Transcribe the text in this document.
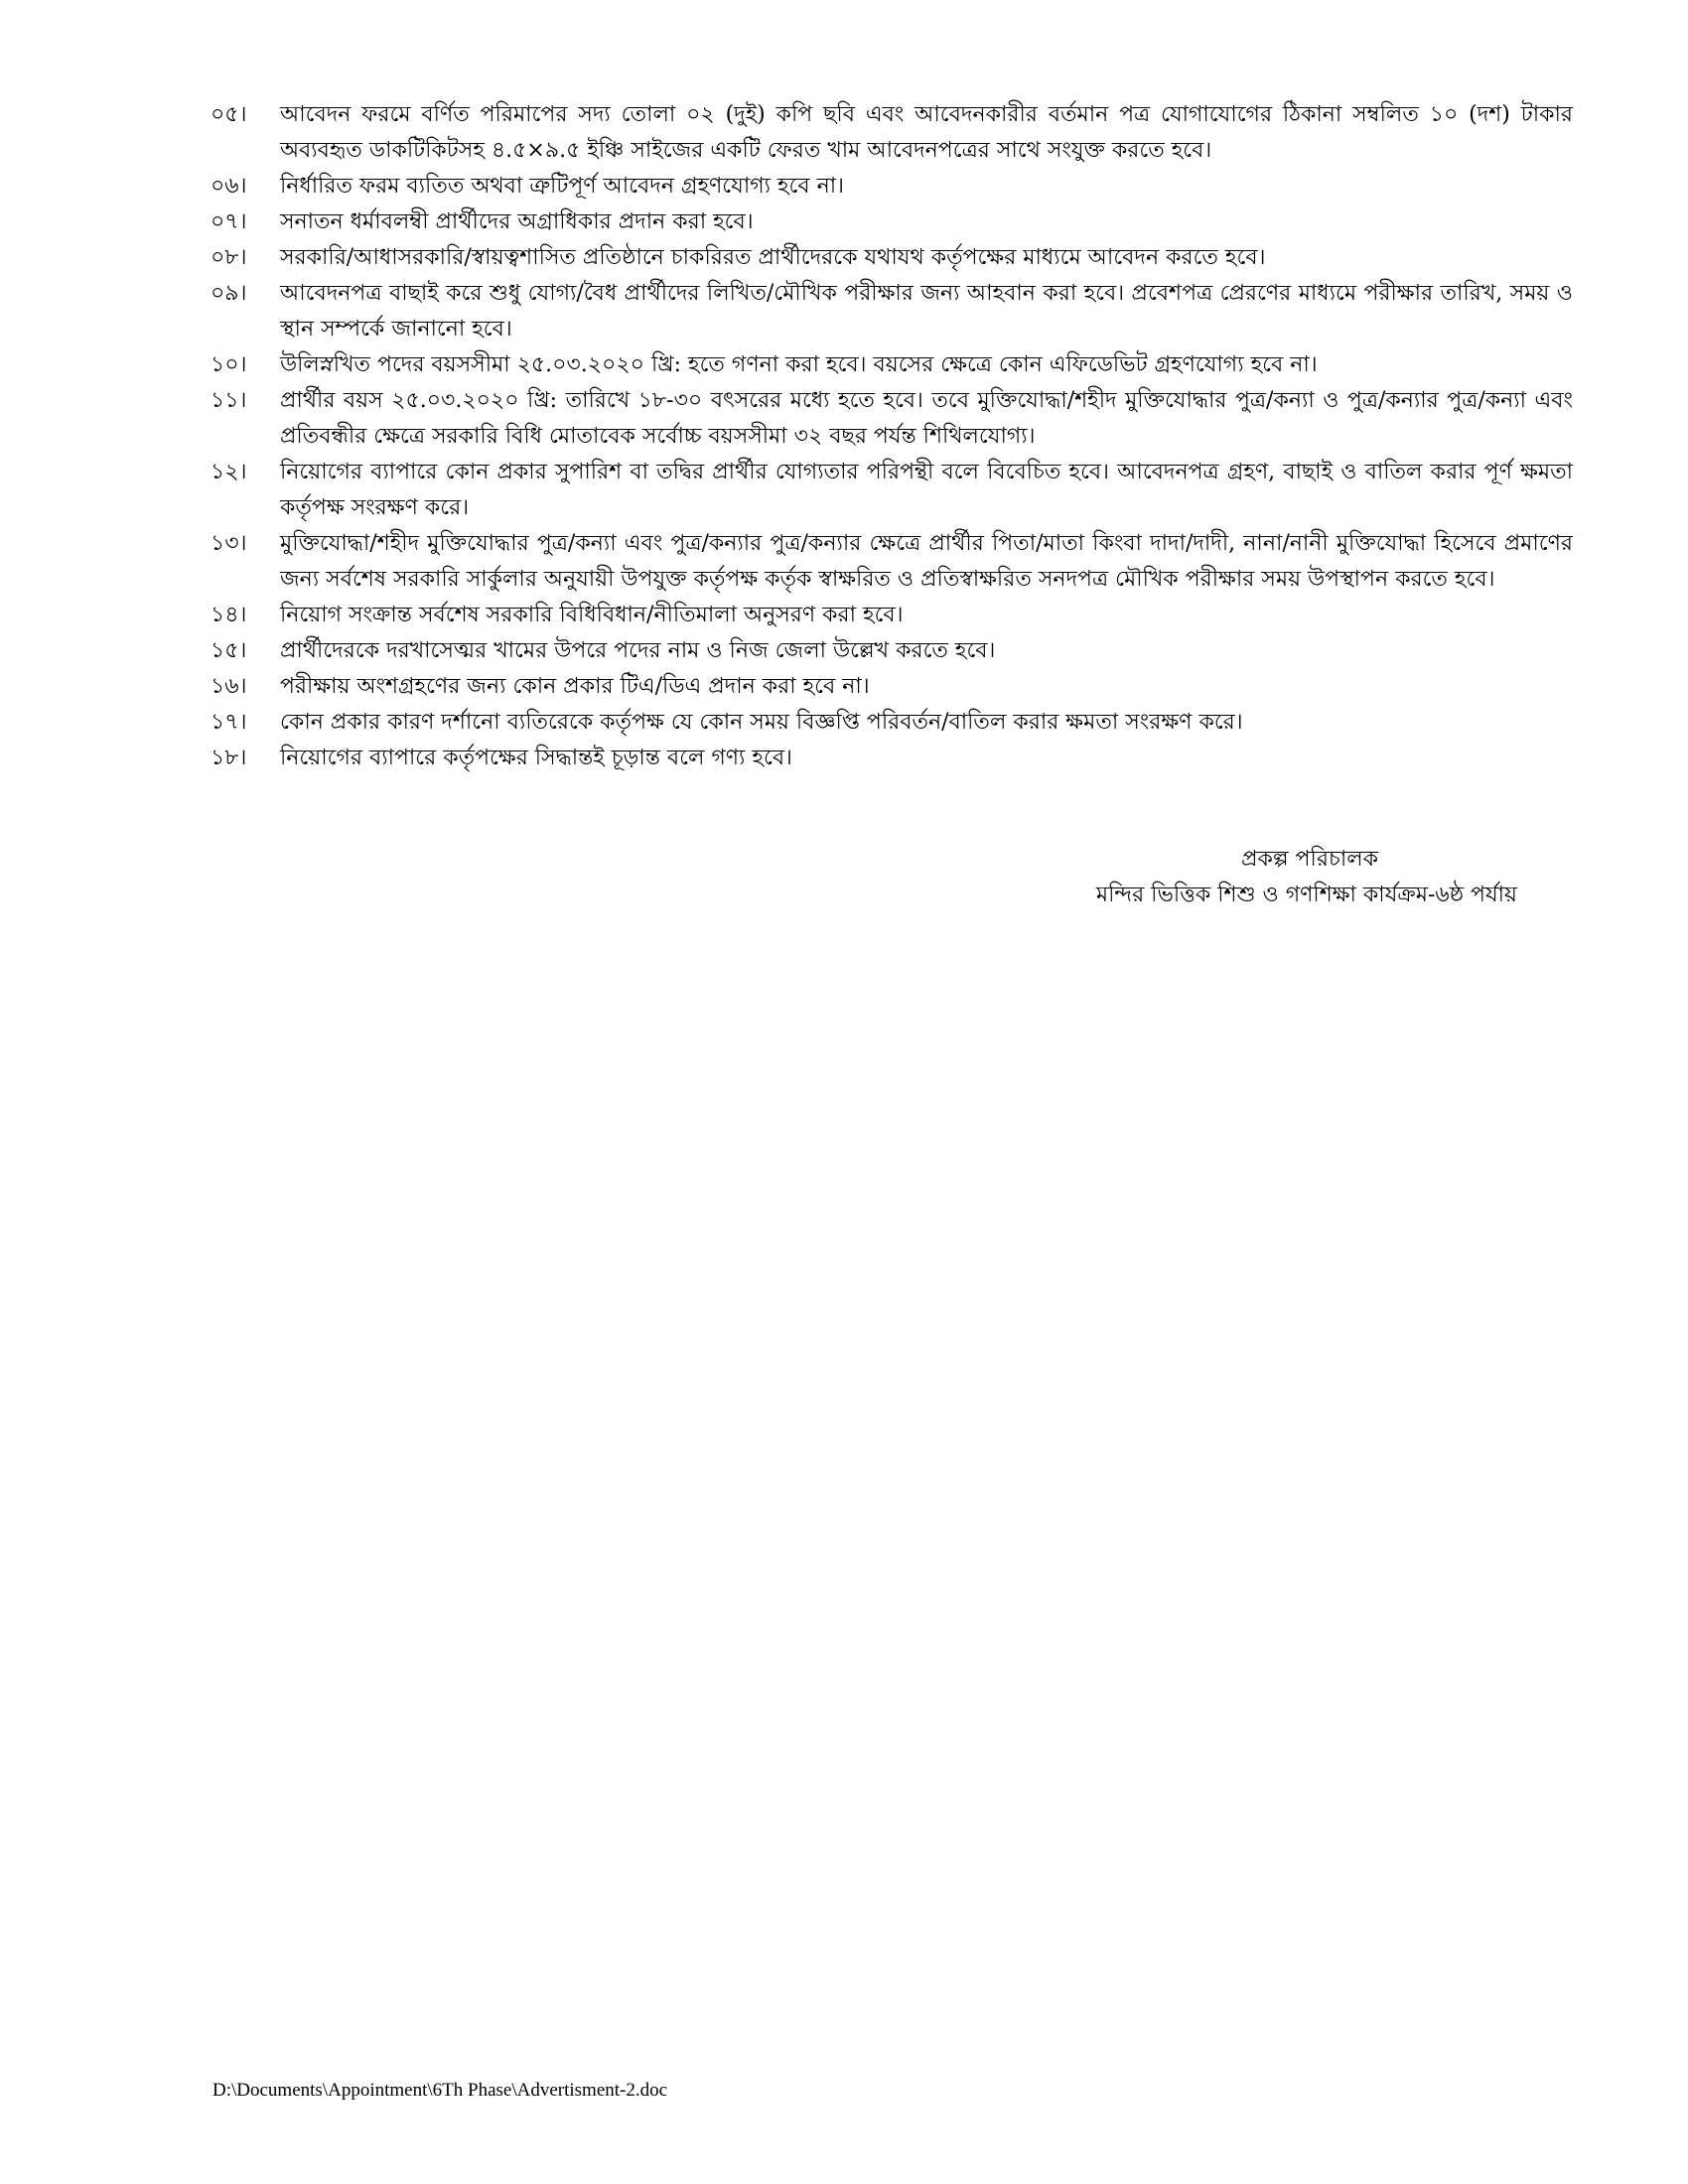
০৫।	আবেদন ফরমে বর্ণিত পরিমাপের সদ্য তোলা ০২ (দুই) কপি ছবি এবং আবেদনকারীর বর্তমান পত্র যোগাযোগের ঠিকানা সম্বলিত ১০ (দশ) টাকার অব্যবহৃত ডাকটিকিটসহ ৪.৫×৯.৫ ইঞ্চি সাইজের একটি ফেরত খাম আবেদনপত্রের সাথে সংযুক্ত করতে হবে।
০৬।	নির্ধারিত ফরম ব্যতিত অথবা ত্রুটিপূর্ণ আবেদন গ্রহণযোগ্য হবে না।
০৭।	সনাতন ধর্মাবলম্বী প্রার্থীদের অগ্রাধিকার প্রদান করা হবে।
০৮।	সরকারি/আধাসরকারি/স্বায়ত্বশাসিত প্রতিষ্ঠানে চাকরিরত প্রার্থীদেরকে যথাযথ কর্তৃপক্ষের মাধ্যমে আবেদন করতে হবে।
০৯।	আবেদনপত্র বাছাই করে শুধু যোগ্য/বৈধ প্রার্থীদের লিখিত/মৌখিক পরীক্ষার জন্য আহবান করা হবে। প্রবেশপত্র প্রেরণের মাধ্যমে পরীক্ষার তারিখ, সময় ও স্থান সম্পর্কে জানানো হবে।
১০।	উলিস্নখিত পদের বয়সসীমা ২৫.০৩.২০২০ খ্রি: হতে গণনা করা হবে। বয়সের ক্ষেত্রে কোন এফিডেভিট গ্রহণযোগ্য হবে না।
১১।	প্রার্থীর বয়স ২৫.০৩.২০২০ খ্রি: তারিখে ১৮-৩০ বৎসরের মধ্যে হতে হবে। তবে মুক্তিযোদ্ধা/শহীদ মুক্তিযোদ্ধার পুত্র/কন্যা ও পুত্র/কন্যার পুত্র/কন্যা এবং প্রতিবন্ধীর ক্ষেত্রে সরকারি বিধি মোতাবেক সর্বোচ্চ বয়সসীমা ৩২ বছর পর্যন্ত শিথিলযোগ্য।
১২।	নিয়োগের ব্যাপারে কোন প্রকার সুপারিশ বা তদ্বির প্রার্থীর যোগ্যতার পরিপন্থী বলে বিবেচিত হবে। আবেদনপত্র গ্রহণ, বাছাই ও বাতিল করার পূর্ণ ক্ষমতা কর্তৃপক্ষ সংরক্ষণ করে।
১৩।	মুক্তিযোদ্ধা/শহীদ মুক্তিযোদ্ধার পুত্র/কন্যা এবং পুত্র/কন্যার পুত্র/কন্যার ক্ষেত্রে প্রার্থীর পিতা/মাতা কিংবা দাদা/দাদী, নানা/নানী মুক্তিযোদ্ধা হিসেবে প্রমাণের জন্য সর্বশেষ সরকারি সার্কুলার অনুযায়ী উপযুক্ত কর্তৃপক্ষ কর্তৃক স্বাক্ষরিত ও প্রতিস্বাক্ষরিত সনদপত্র মৌখিক পরীক্ষার সময় উপস্থাপন করতে হবে।
১৪।	নিয়োগ সংক্রান্ত সর্বশেষ সরকারি বিধিবিধান/নীতিমালা অনুসরণ করা হবে।
১৫।	প্রার্থীদেরকে দরখাসেত্মর খামের উপরে পদের নাম ও নিজ জেলা উল্লেখ করতে হবে।
১৬।	পরীক্ষায় অংশগ্রহণের জন্য কোন প্রকার টিএ/ডিএ প্রদান করা হবে না।
১৭।	কোন প্রকার কারণ দর্শানো ব্যতিরেকে কর্তৃপক্ষ যে কোন সময় বিজ্ঞপ্তি পরিবর্তন/বাতিল করার ক্ষমতা সংরক্ষণ করে।
১৮।	নিয়োগের ব্যাপারে কর্তৃপক্ষের সিদ্ধান্তই চূড়ান্ত বলে গণ্য হবে।
প্রকল্প পরিচালক
মন্দির ভিত্তিক শিশু ও গণশিক্ষা কার্যক্রম-৬ষ্ঠ পর্যায়
D:\Documents\Appointment\6Th Phase\Advertisment-2.doc
